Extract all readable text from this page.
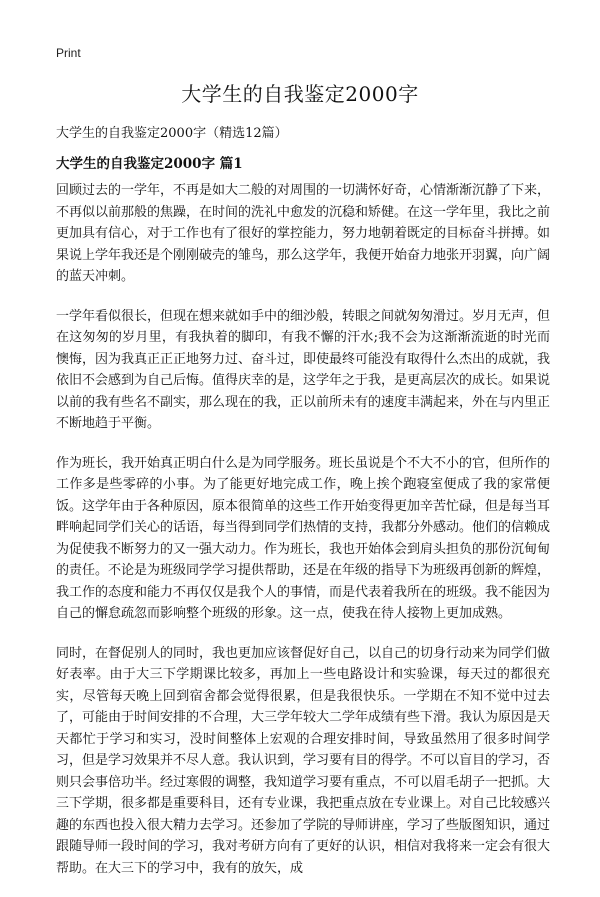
Print
大学生的自我鉴定2000字
大学生的自我鉴定2000字（精选12篇）
大学生的自我鉴定2000字 篇1

回顾过去的一学年，不再是如大二般的对周围的一切满怀好奇，心情渐渐沉静了下来，不再似以前那般的焦躁，在时间的洗礼中愈发的沉稳和矫健。在这一学年里，我比之前更加具有信心，对于工作也有了很好的掌控能力，努力地朝着既定的目标奋斗拼搏。如果说上学年我还是个刚刚破壳的雏鸟，那么这学年，我便开始奋力地张开羽翼，向广阔的蓝天冲刺。

一学年看似很长，但现在想来就如手中的细沙般，转眼之间就匆匆滑过。岁月无声，但在这匆匆的岁月里，有我执着的脚印，有我不懈的汗水;我不会为这渐渐流逝的时光而懊悔，因为我真正正正地努力过、奋斗过，即使最终可能没有取得什么杰出的成就，我依旧不会感到为自己后悔。值得庆幸的是，这学年之于我，是更高层次的成长。如果说以前的我有些名不副实，那么现在的我，正以前所未有的速度丰满起来，外在与内里正不断地趋于平衡。

作为班长，我开始真正明白什么是为同学服务。班长虽说是个不大不小的官，但所作的工作多是些零碎的小事。为了能更好地完成工作，晚上挨个跑寝室便成了我的家常便饭。这学年由于各种原因，原本很简单的这些工作开始变得更加辛苦忙碌，但是每当耳畔响起同学们关心的话语，每当得到同学们热情的支持，我都分外感动。他们的信赖成为促使我不断努力的又一强大动力。作为班长，我也开始体会到肩头担负的那份沉甸甸的责任。不论是为班级同学学习提供帮助，还是在年级的指导下为班级再创新的辉煌，我工作的态度和能力不再仅仅是我个人的事情，而是代表着我所在的班级。我不能因为自己的懈怠疏忽而影响整个班级的形象。这一点，使我在待人接物上更加成熟。

同时，在督促别人的同时，我也更加应该督促好自己，以自己的切身行动来为同学们做好表率。由于大三下学期课比较多，再加上一些电路设计和实验课，每天过的都很充实，尽管每天晚上回到宿舍都会觉得很累，但是我很快乐。一学期在不知不觉中过去了，可能由于时间安排的不合理，大三学年较大二学年成绩有些下滑。我认为原因是天天都忙于学习和实习，没时间整体上宏观的合理安排时间，导致虽然用了很多时间学习，但是学习效果并不尽人意。我认识到，学习要有目的得学。不可以盲目的学习，否则只会事倍功半。经过寒假的调整，我知道学习要有重点，不可以眉毛胡子一把抓。大三下学期，很多都是重要科目，还有专业课，我把重点放在专业课上。对自己比较感兴趣的东西也投入很大精力去学习。还参加了学院的导师讲座，学习了些版图知识，通过跟随导师一段时间的学习，我对考研方向有了更好的认识，相信对我将来一定会有很大帮助。在大三下的学习中，我有的放矢，成
